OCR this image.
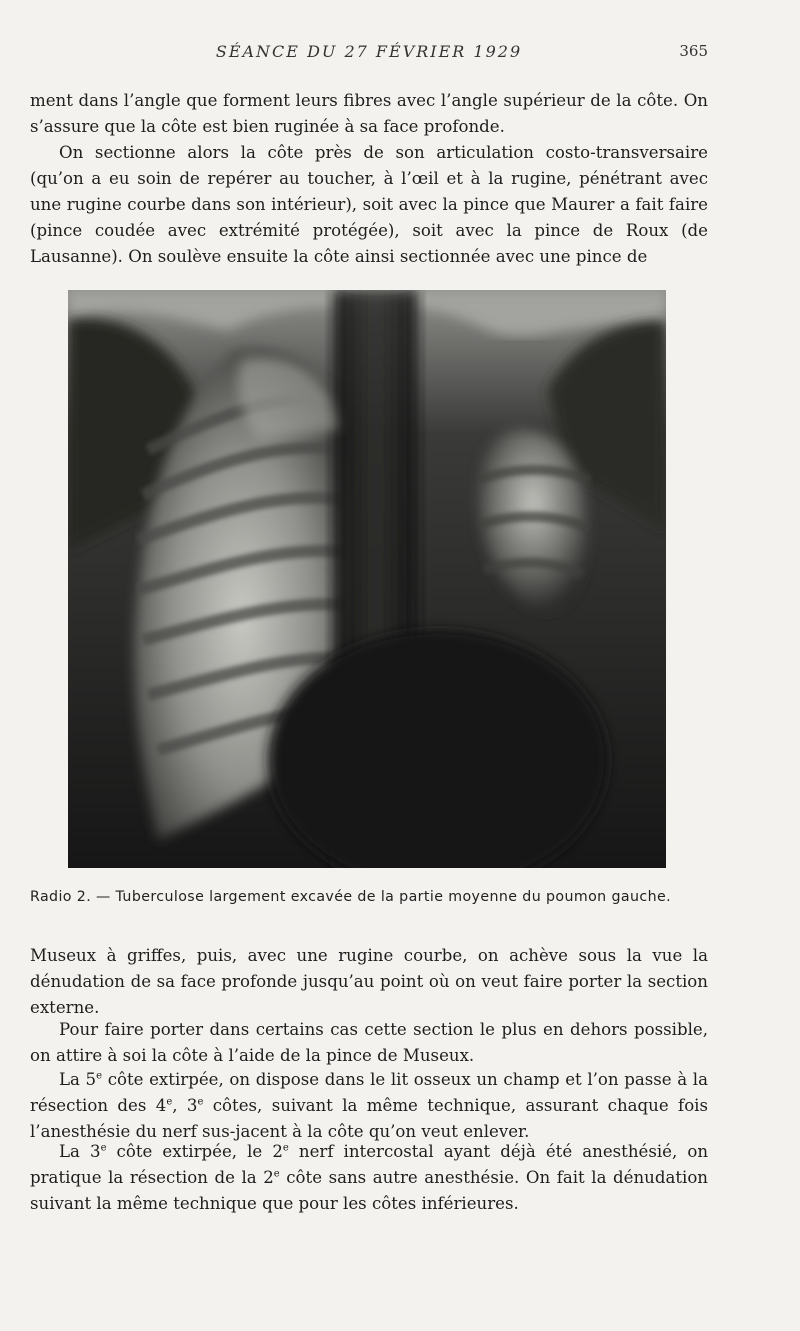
SÉANCE DU 27 FÉVRIER 1929	365

ment dans l’angle que forment leurs fibres avec l’angle supérieur de la côte. On s’assure que la côte est bien ruginée à sa face profonde.

On sectionne alors la côte près de son articulation costo-transversaire (qu’on a eu soin de repérer au toucher, à l’œil et à la rugine, pénétrant avec une rugine courbe dans son intérieur), soit avec la pince que Maurer a fait faire (pince coudée avec extrémité protégée), soit avec la pince de Roux (de Lausanne). On soulève ensuite la côte ainsi sectionnée avec une pince de

Radio 2. — Tuberculose largement excavée de la partie moyenne du poumon gauche.

Museux à griffes, puis, avec une rugine courbe, on achève sous la vue la dénudation de sa face profonde jusqu’au point où on veut faire porter la section externe.

Pour faire porter dans certains cas cette section le plus en dehors possible, on attire à soi la côte à l’aide de la pince de Museux.

La 5e côte extirpée, on dispose dans le lit osseux un champ et l’on passe à la résection des 4e, 3e côtes, suivant la même technique, assurant chaque fois l’anesthésie du nerf sus-jacent à la côte qu’on veut enlever.

La 3e côte extirpée, le 2e nerf intercostal ayant déjà été anesthésié, on pratique la résection de la 2e côte sans autre anesthésie. On fait la dénudation suivant la même technique que pour les côtes inférieures.
